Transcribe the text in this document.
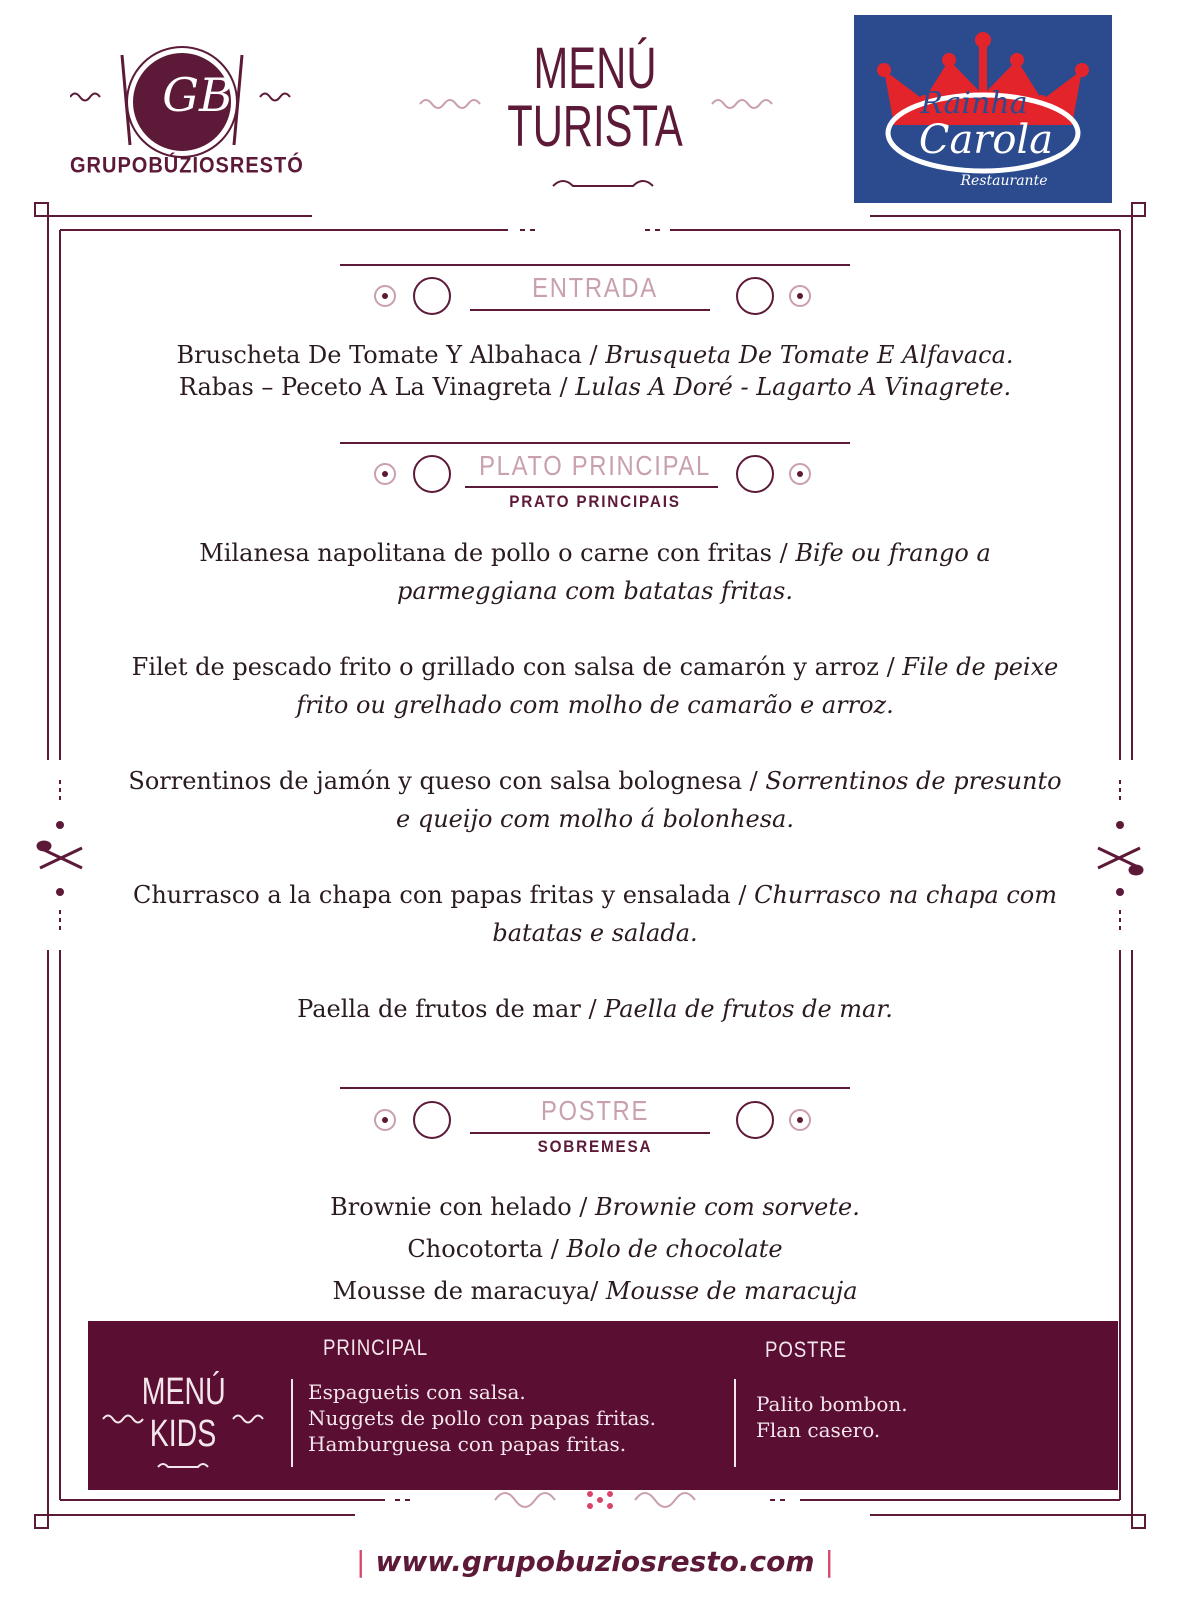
GB
GRUPOBÚZIOSRESTÓ
MENÚ
TURISTA	Rainha
Carola
Restaurante
ENTRADA
Bruscheta De Tomate Y Albahaca / Brusqueta De Tomate E Alfavaca.
Rabas – Peceto A La Vinagreta / Lulas A Doré - Lagarto A Vinagrete.
PLATO PRINCIPAL
PRATO PRINCIPAIS
Milanesa napolitana de pollo o carne con fritas / Bife ou frango a
parmeggiana com batatas fritas.
Filet de pescado frito o grillado con salsa de camarón y arroz / File de peixe
frito ou grelhado com molho de camarão e arroz.
Sorrentinos de jamón y queso con salsa bolognesa / Sorrentinos de presunto
e queijo com molho á bolonhesa.
Churrasco a la chapa con papas fritas y ensalada / Churrasco na chapa com
batatas e salada.
Paella de frutos de mar / Paella de frutos de mar.
POSTRE
SOBREMESA
Brownie con helado / Brownie com sorvete.
Chocotorta / Bolo de chocolate
Mousse de maracuya/ Mousse de maracuja
MENÚ
KIDS
PRINCIPAL
Espaguetis con salsa.
Nuggets de pollo con papas fritas.
Hamburguesa con papas fritas.
POSTRE
Palito bombon.
Flan casero.
| www.grupobuziosresto.com |
